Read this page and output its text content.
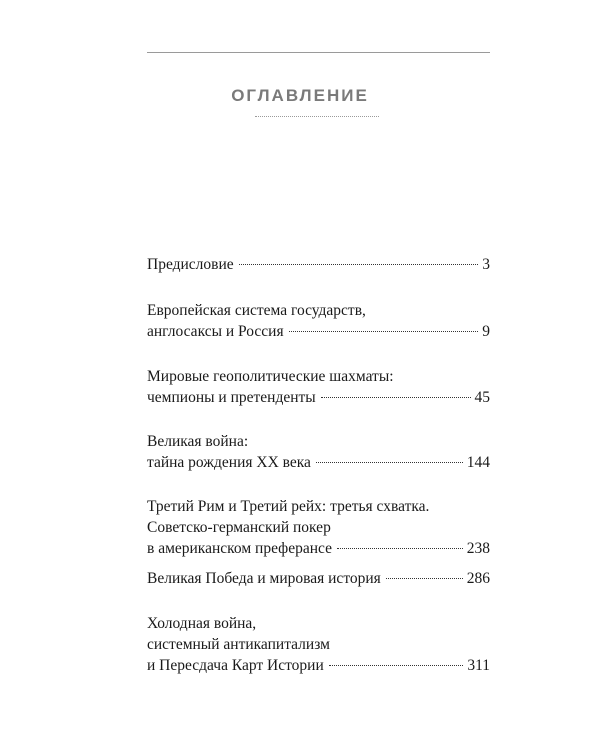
ОГЛАВЛЕНИЕ
Предисловие	3
Европейская система государств,
англосаксы и Россия	9
Мировые геополитические шахматы:
чемпионы и претенденты	45
Великая война:
тайна рождения XX века	144
Третий Рим и Третий рейх: третья схватка.
Советско-германский покер
в американском преферансе	238
Великая Победа и мировая история	286
Холодная война,
системный антикапитализм
и Пересдача Карт Истории	311
